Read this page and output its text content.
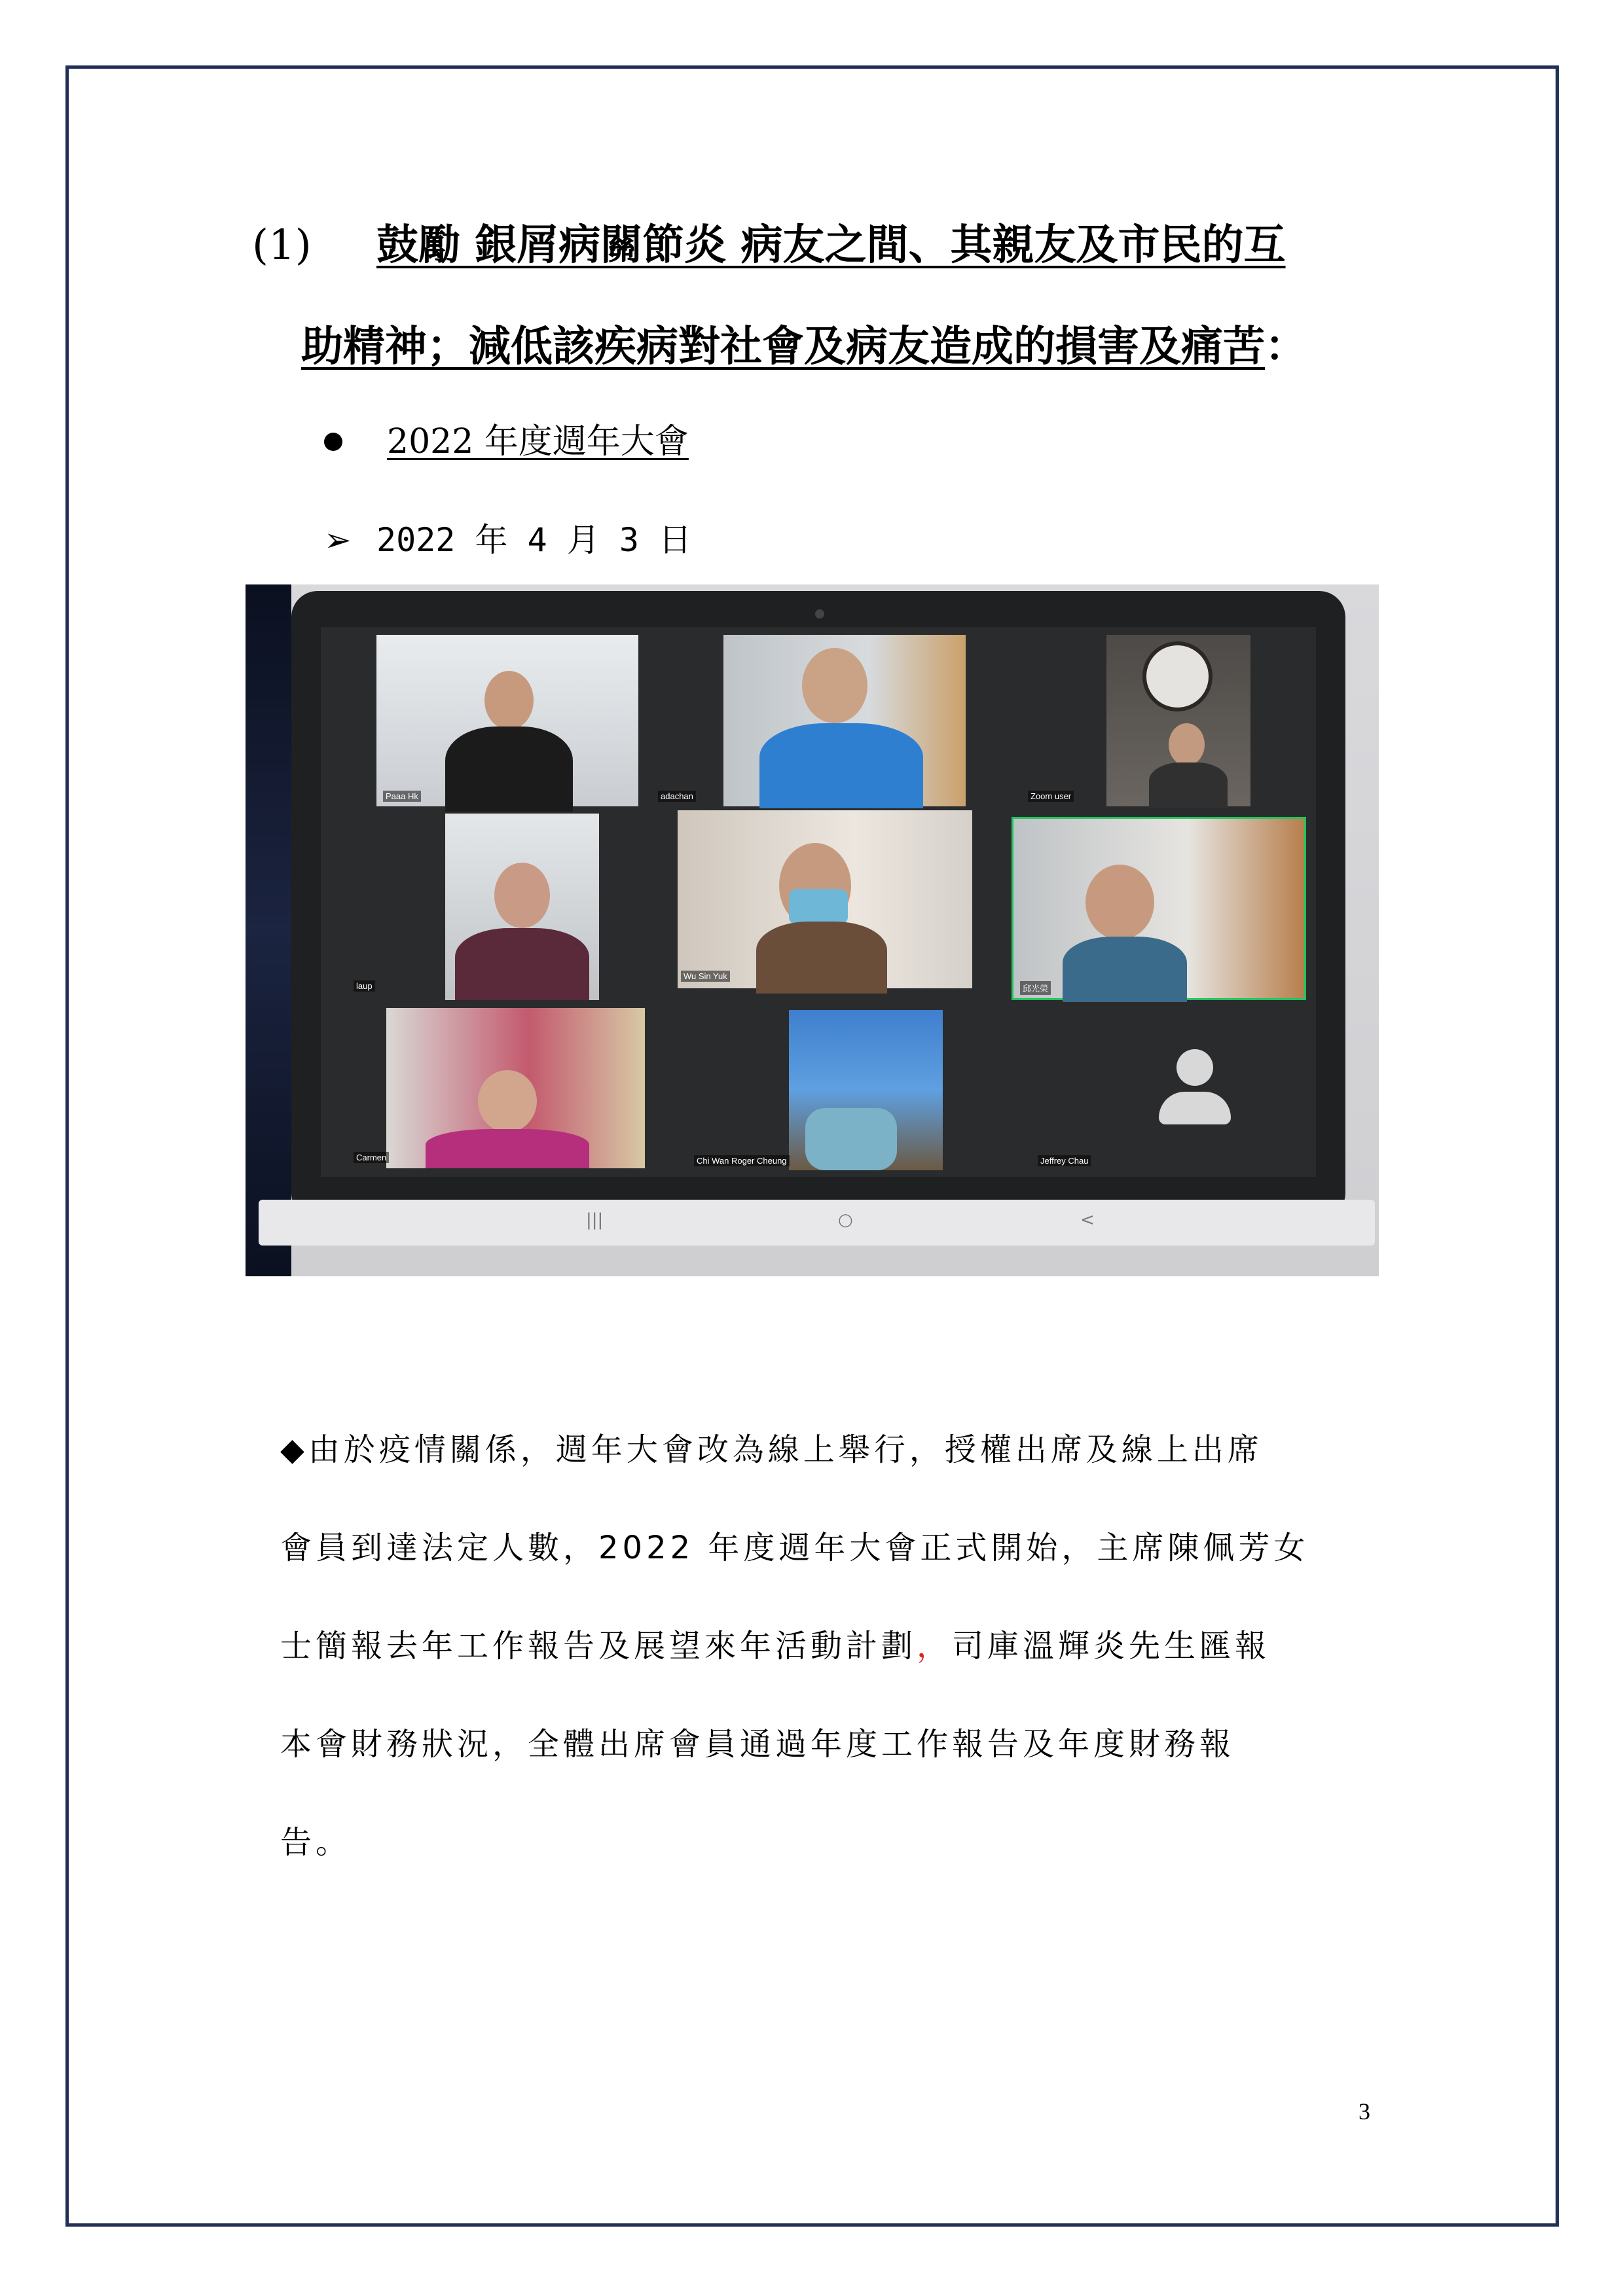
(1) 鼓勵 銀屑病關節炎 病友之間、其親友及市民的互
助精神；減低該疾病對社會及病友造成的損害及痛苦：
2022 年度週年大會
➢ 2022 年 4 月 3 日
Paaa Hk	adachan	Zoom user
laup
Wu Sin Yuk
邱光榮
Carmen	Chi Wan Roger Cheung	Jeffrey Chau
|||	○	<
◆由於疫情關係，週年大會改為線上舉行，授權出席及線上出席
會員到達法定人數，2022 年度週年大會正式開始，主席陳佩芳女
士簡報去年工作報告及展望來年活動計劃，司庫溫輝炎先生匯報
本會財務狀況，全體出席會員通過年度工作報告及年度財務報
告。
3
